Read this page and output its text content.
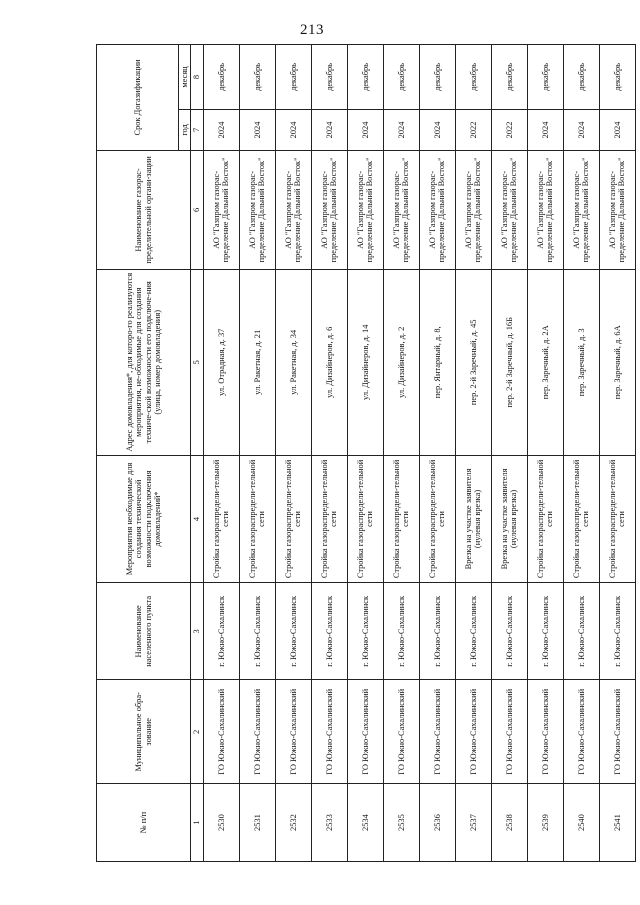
213
№ п/п	Муниципальное обра-зование	Наименование населенного пункта	Мероприятия необходимые для создания технической возможности подключения домовладений*	Адрес домовладения*, для которо-го реализуются мероприятия, не-обходимые для создания техниче-ской возможности его подключе-ния (улица, номер домовладения)	Наименование газорас-пределительной органи-зации	Срок Догазификации	
						год	месяц
1	2	3	4	5	6	7	8
2530	ГО Южно-Сахалинский	г. Южно-Сахалинск	Стройка газораспредели-тельной сети	ул. Отрадная, д. 37	АО "Газпром газорас-пределение Дальний Восток"	2024	декабрь
2531	ГО Южно-Сахалинский	г. Южно-Сахалинск	Стройка газораспредели-тельной сети	ул. Ракетная, д. 21	АО "Газпром газорас-пределение Дальний Восток"	2024	декабрь
2532	ГО Южно-Сахалинский	г. Южно-Сахалинск	Стройка газораспредели-тельной сети	ул. Ракетная, д. 34	АО "Газпром газорас-пределение Дальний Восток"	2024	декабрь
2533	ГО Южно-Сахалинский	г. Южно-Сахалинск	Стройка газораспредели-тельной сети	ул. Дизайнеров, д. 6	АО "Газпром газорас-пределение Дальний Восток"	2024	декабрь
2534	ГО Южно-Сахалинский	г. Южно-Сахалинск	Стройка газораспредели-тельной сети	ул. Дизайнеров, д. 14	АО "Газпром газорас-пределение Дальний Восток"	2024	декабрь
2535	ГО Южно-Сахалинский	г. Южно-Сахалинск	Стройка газораспредели-тельной сети	ул. Дизайнеров, д. 2	АО "Газпром газорас-пределение Дальний Восток"	2024	декабрь
2536	ГО Южно-Сахалинский	г. Южно-Сахалинск	Стройка газораспредели-тельной сети	пер. Янтарный, д. 8,	АО "Газпром газорас-пределение Дальний Восток"	2024	декабрь
2537	ГО Южно-Сахалинский	г. Южно-Сахалинск	Врезка на участке заявителя (нулевая врезка)	пер. 2-й Заречный, д. 45	АО "Газпром газорас-пределение Дальний Восток"	2022	декабрь
2538	ГО Южно-Сахалинский	г. Южно-Сахалинск	Врезка на участке заявителя (нулевая врезка)	пер. 2-й Заречный, д. 16Б	АО "Газпром газорас-пределение Дальний Восток"	2022	декабрь
2539	ГО Южно-Сахалинский	г. Южно-Сахалинск	Стройка газораспредели-тельной сети	пер. Заречный, д. 2А	АО "Газпром газорас-пределение Дальний Восток"	2024	декабрь
2540	ГО Южно-Сахалинский	г. Южно-Сахалинск	Стройка газораспредели-тельной сети	пер. Заречный, д. 3	АО "Газпром газорас-пределение Дальний Восток"	2024	декабрь
2541	ГО Южно-Сахалинский	г. Южно-Сахалинск	Стройка газораспредели-тельной сети	пер. Заречный, д. 6А	АО "Газпром газорас-пределение Дальний Восток"	2024	декабрь
